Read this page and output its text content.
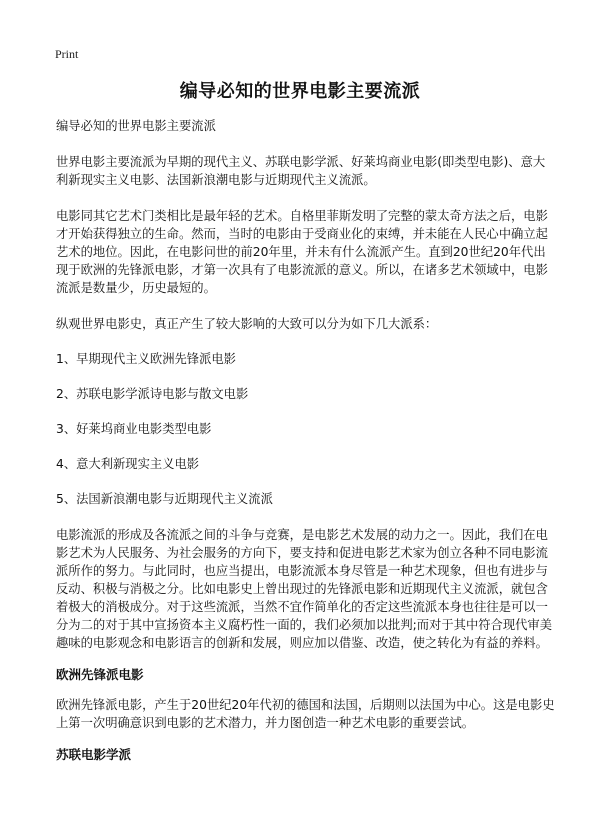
Print
编导必知的世界电影主要流派

编导必知的世界电影主要流派

世界电影主要流派为早期的现代主义、苏联电影学派、好莱坞商业电影(即类型电影)、意大利新现实主义电影、法国新浪潮电影与近期现代主义流派。

电影同其它艺术门类相比是最年轻的艺术。自格里菲斯发明了完整的蒙太奇方法之后，电影才开始获得独立的生命。然而，当时的电影由于受商业化的束缚，并未能在人民心中确立起艺术的地位。因此，在电影问世的前20年里，并未有什么流派产生。直到20世纪20年代出现于欧洲的先锋派电影，才第一次具有了电影流派的意义。所以，在诸多艺术领域中，电影流派是数量少，历史最短的。

纵观世界电影史，真正产生了较大影响的大致可以分为如下几大派系：

1、早期现代主义欧洲先锋派电影

2、苏联电影学派诗电影与散文电影

3、好莱坞商业电影类型电影

4、意大利新现实主义电影

5、法国新浪潮电影与近期现代主义流派

电影流派的形成及各流派之间的斗争与竞赛，是电影艺术发展的动力之一。因此，我们在电影艺术为人民服务、为社会服务的方向下，要支持和促进电影艺术家为创立各种不同电影流派所作的努力。与此同时，也应当提出，电影流派本身尽管是一种艺术现象，但也有进步与反动、积极与消极之分。比如电影史上曾出现过的先锋派电影和近期现代主义流派，就包含着极大的消极成分。对于这些流派，当然不宜作简单化的否定这些流派本身也往往是可以一分为二的对于其中宣扬资本主义腐朽性一面的，我们必须加以批判;而对于其中符合现代审美趣味的电影观念和电影语言的创新和发展，则应加以借鉴、改造，使之转化为有益的养料。

欧洲先锋派电影

欧洲先锋派电影，产生于20世纪20年代初的德国和法国，后期则以法国为中心。这是电影史上第一次明确意识到电影的艺术潜力，并力图创造一种艺术电影的重要尝试。

苏联电影学派
